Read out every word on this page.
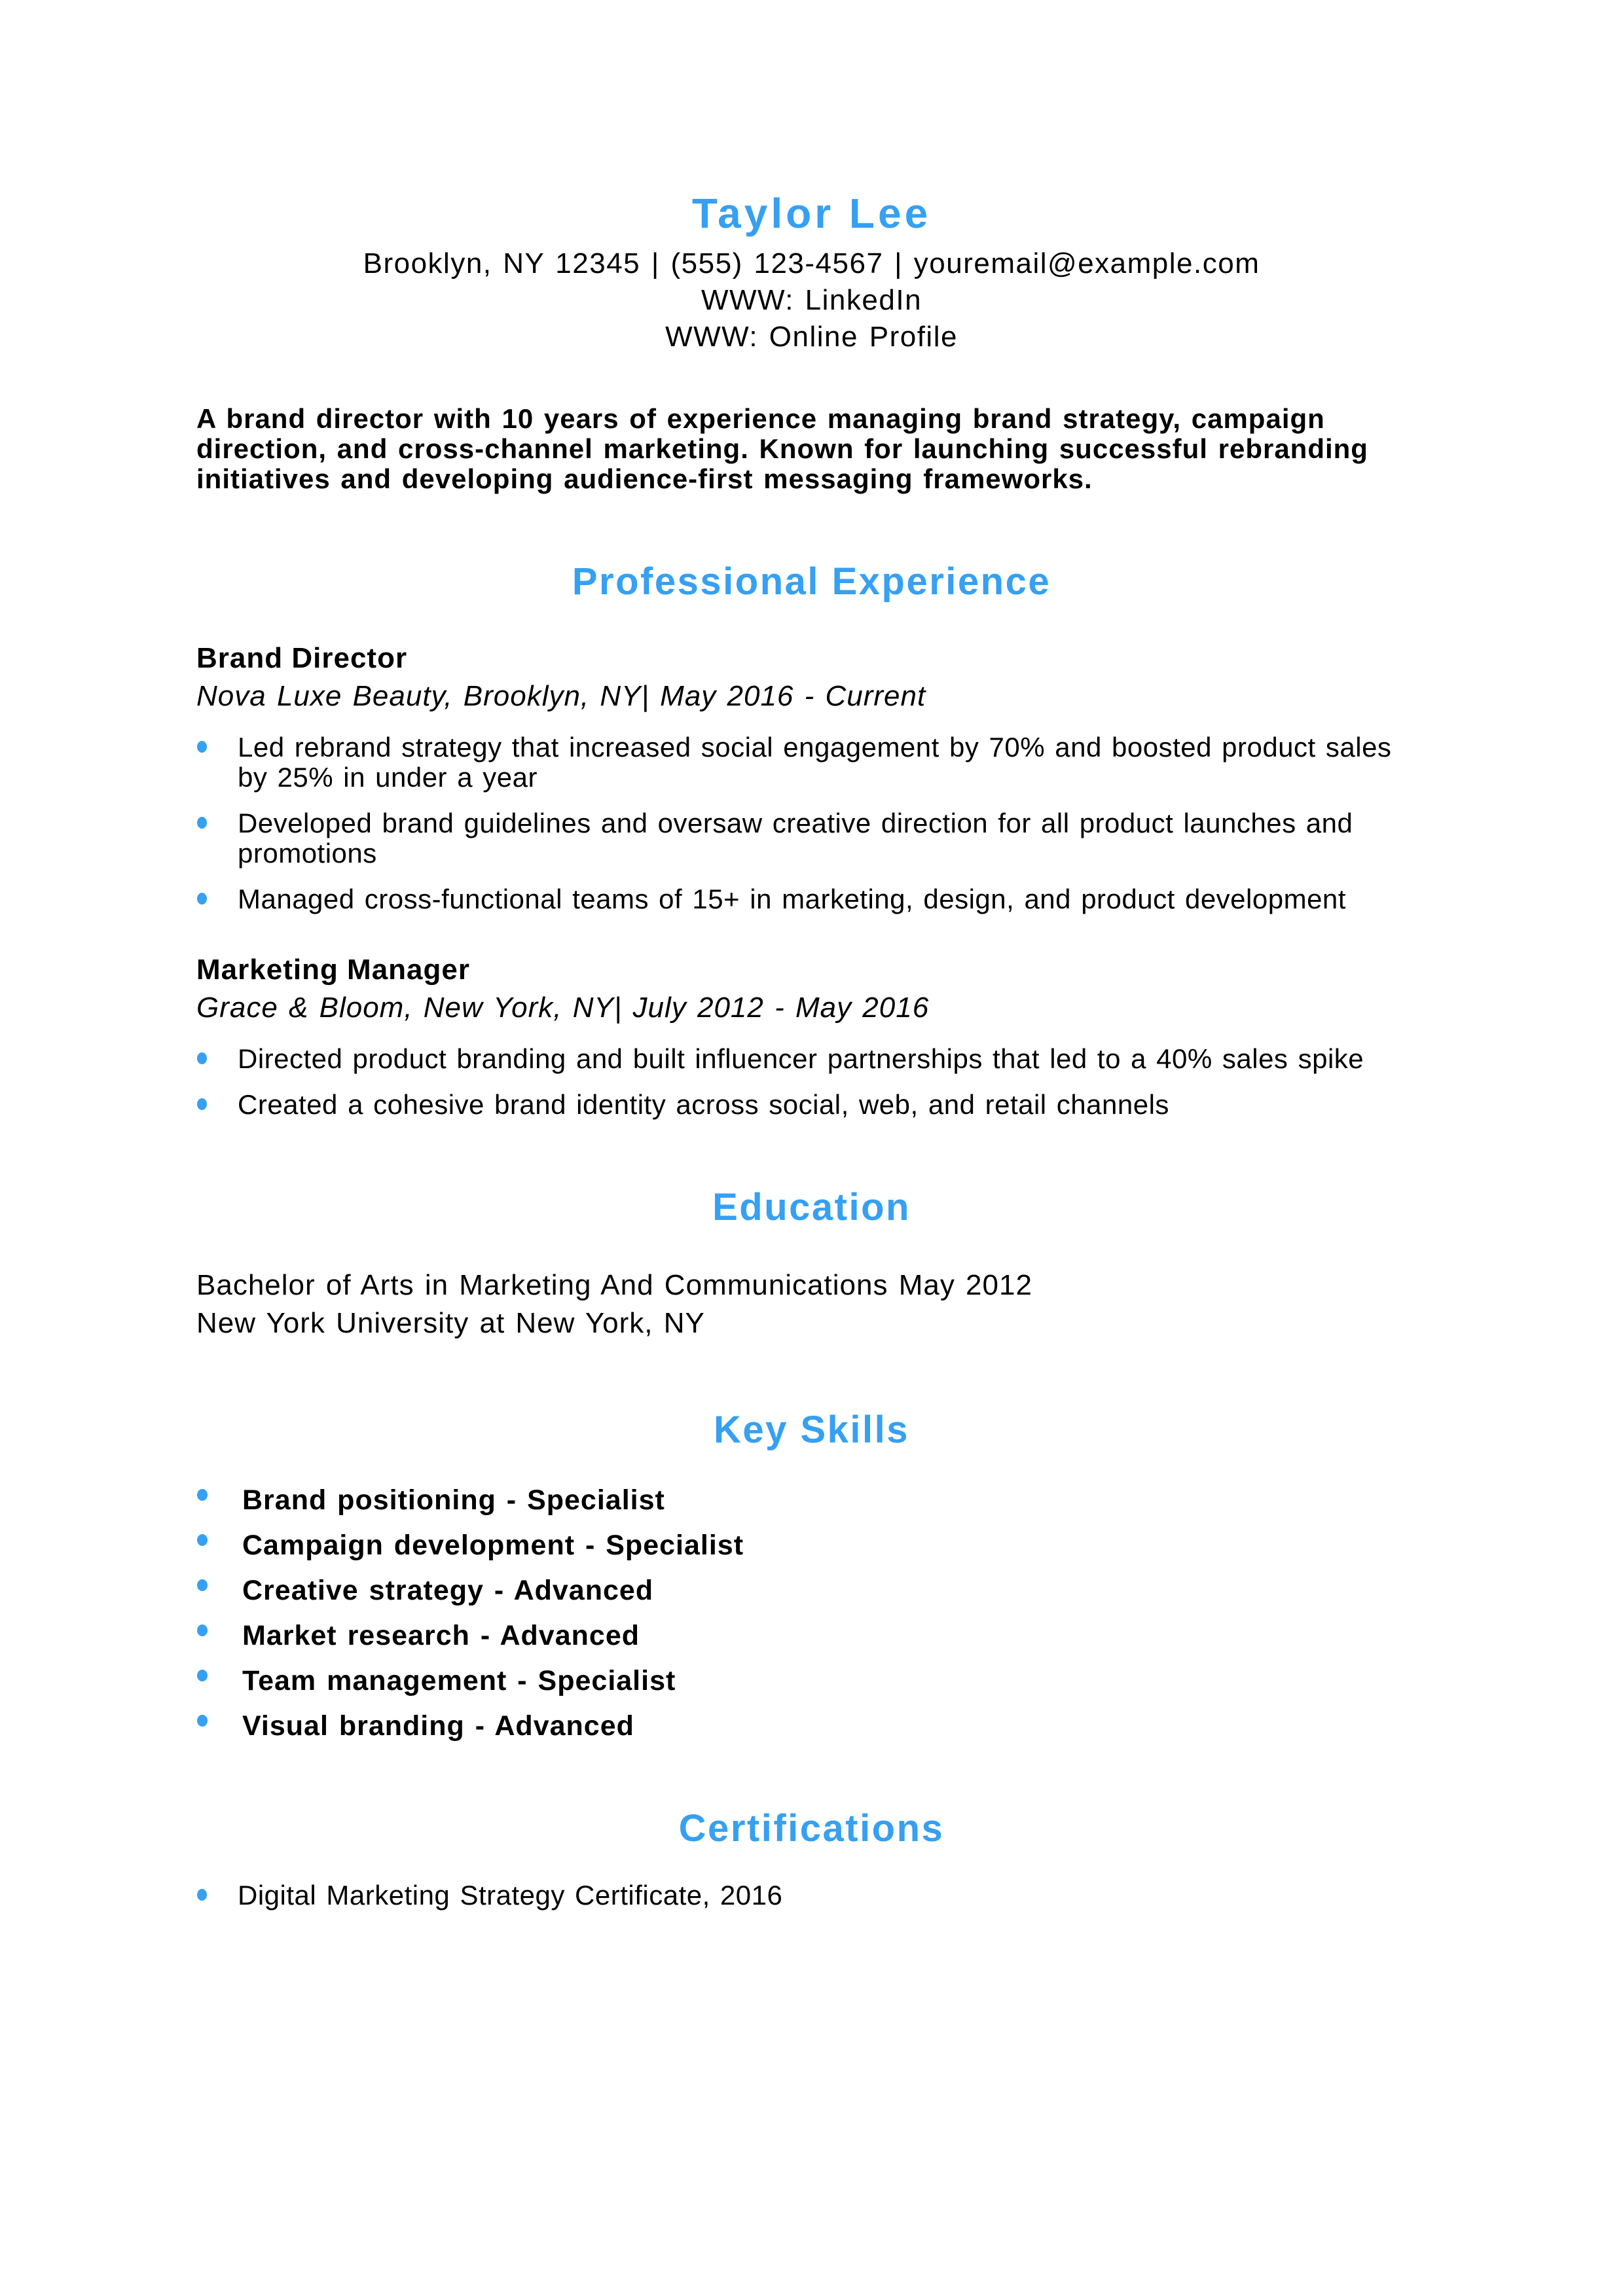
Taylor Lee
Brooklyn, NY 12345 | (555) 123-4567 | youremail@example.com
WWW: LinkedIn
WWW: Online Profile

A brand director with 10 years of experience managing brand strategy, campaign direction, and cross-channel marketing. Known for launching successful rebranding initiatives and developing audience-first messaging frameworks.

Professional Experience

Brand Director

Nova Luxe Beauty, Brooklyn, NY| May 2016 - Current

Led rebrand strategy that increased social engagement by 70% and boosted product sales by 25% in under a year
Developed brand guidelines and oversaw creative direction for all product launches and promotions
Managed cross-functional teams of 15+ in marketing, design, and product development

Marketing Manager

Grace & Bloom, New York, NY| July 2012 - May 2016

Directed product branding and built influencer partnerships that led to a 40% sales spike
Created a cohesive brand identity across social, web, and retail channels
Education
Bachelor of Arts in Marketing And Communications May 2012
New York University at New York, NY
Key Skills
Brand positioning - Specialist
Campaign development - Specialist
Creative strategy - Advanced
Market research - Advanced
Team management - Specialist
Visual branding - Advanced
Certifications
Digital Marketing Strategy Certificate, 2016
